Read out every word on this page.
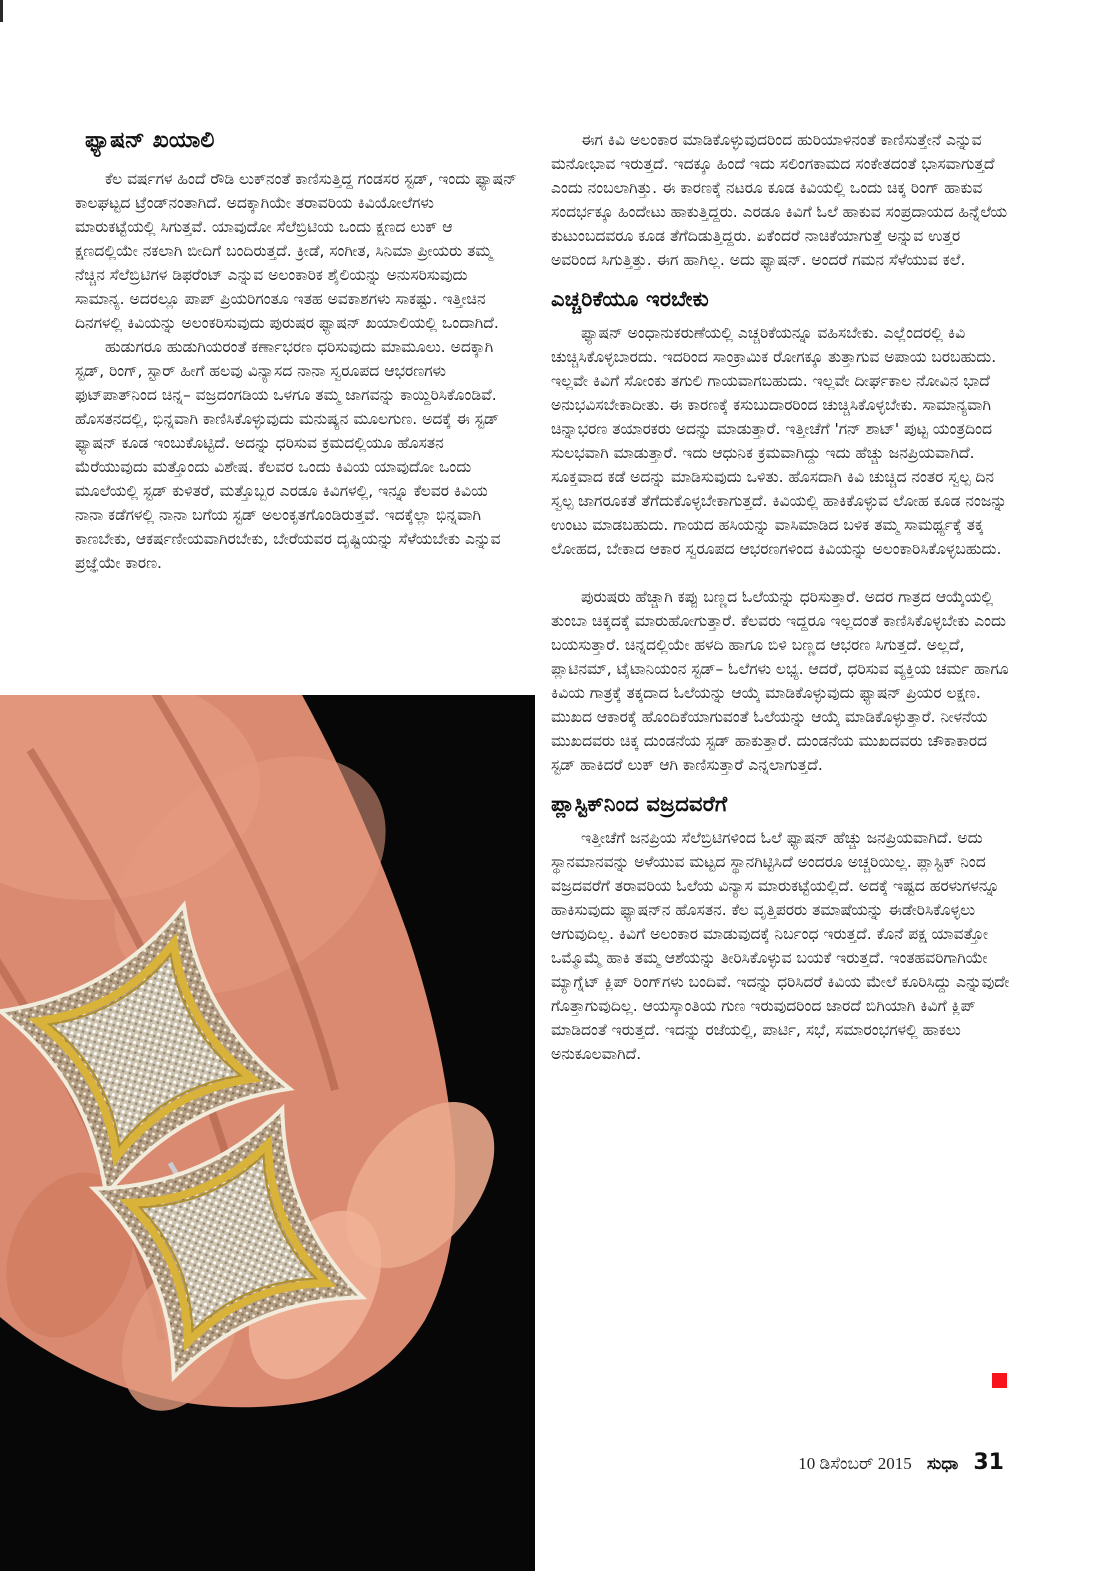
ಫ್ಯಾಷನ್ ಖಯಾಲಿ

ಕೆಲ ವರ್ಷಗಳ ಹಿಂದೆ ರೌಡಿ ಲುಕ್‌ನಂತೆ ಕಾಣಿಸುತ್ತಿದ್ದ ಗಂಡಸರ ಸ್ಟಡ್, ಇಂದು ಫ್ಯಾಷನ್ ಕಾಲಘಟ್ಟದ ಟ್ರೆಂಡ್‌ನಂತಾಗಿದೆ. ಅದಕ್ಕಾಗಿಯೇ ತರಾವರಿಯ ಕಿವಿಯೋಲೆಗಳು ಮಾರುಕಟ್ಟೆಯಲ್ಲಿ ಸಿಗುತ್ತವೆ. ಯಾವುದೋ ಸೆಲೆಬ್ರಿಟಿಯ ಒಂದು ಕ್ಷಣದ ಲುಕ್ ಆ ಕ್ಷಣದಲ್ಲಿಯೇ ನಕಲಾಗಿ ಬೀದಿಗೆ ಬಂದಿರುತ್ತದೆ. ಕ್ರೀಡೆ, ಸಂಗೀತ, ಸಿನಿಮಾ ಪ್ರೀಯರು ತಮ್ಮ ನೆಚ್ಚಿನ ಸೆಲೆಬ್ರಿಟಿಗಳ ಡಿಫರೆಂಟ್ ಎನ್ನುವ ಅಲಂಕಾರಿಕ ಶೈಲಿಯನ್ನು ಅನುಸರಿಸುವುದು ಸಾಮಾನ್ಯ. ಅದರಲ್ಲೂ ಪಾಪ್ ಪ್ರಿಯರಿಗಂತೂ ಇತಹ ಅವಕಾಶಗಳು ಸಾಕಷ್ಟು. ಇತ್ತೀಚಿನ ದಿನಗಳಲ್ಲಿ ಕಿವಿಯನ್ನು ಅಲಂಕರಿಸುವುದು ಪುರುಷರ ಫ್ಯಾಷನ್ ಖಯಾಲಿಯಲ್ಲಿ ಒಂದಾಗಿದೆ.

ಹುಡುಗರೂ ಹುಡುಗಿಯರಂತೆ ಕರ್ಣಾಭರಣ ಧರಿಸುವುದು ಮಾಮೂಲು. ಅದಕ್ಕಾಗಿ ಸ್ಟಡ್, ರಿಂಗ್, ಸ್ಟಾರ್ ಹೀಗೆ ಹಲವು ವಿನ್ಯಾಸದ ನಾನಾ ಸ್ವರೂಪದ ಆಭರಣಗಳು ಫುಟ್‌ಪಾತ್‌ನಿಂದ ಚಿನ್ನ– ವಜ್ರದಂಗಡಿಯ ಒಳಗೂ ತಮ್ಮ ಜಾಗವನ್ನು ಕಾಯ್ದಿರಿಸಿಕೊಂಡಿವೆ. ಹೊಸತನದಲ್ಲಿ, ಭಿನ್ನವಾಗಿ ಕಾಣಿಸಿಕೊಳ್ಳುವುದು ಮನುಷ್ಯನ ಮೂಲಗುಣ. ಅದಕ್ಕೆ ಈ ಸ್ಟಡ್ ಫ್ಯಾಷನ್ ಕೂಡ ಇಂಬುಕೊಟ್ಟಿದೆ. ಅದನ್ನು ಧರಿಸುವ ಕ್ರಮದಲ್ಲಿಯೂ ಹೊಸತನ ಮೆರೆಯುವುದು ಮತ್ತೊಂದು ವಿಶೇಷ. ಕೆಲವರ ಒಂದು ಕಿವಿಯ ಯಾವುದೋ ಒಂದು ಮೂಲೆಯಲ್ಲಿ ಸ್ಟಡ್ ಕುಳಿತರೆ, ಮತ್ತೊಬ್ಬರ ಎರಡೂ ಕಿವಿಗಳಲ್ಲಿ, ಇನ್ನೂ ಕೆಲವರ ಕಿವಿಯ ನಾನಾ ಕಡೆಗಳಲ್ಲಿ ನಾನಾ ಬಗೆಯ ಸ್ಟಡ್ ಅಲಂಕೃತಗೊಂಡಿರುತ್ತವೆ. ಇದಕ್ಕೆಲ್ಲಾ ಭಿನ್ನವಾಗಿ ಕಾಣಬೇಕು, ಆಕರ್ಷಣೀಯವಾಗಿರಬೇಕು, ಬೇರೆಯವರ ದೃಷ್ಟಿಯನ್ನು ಸೆಳೆಯಬೇಕು ಎನ್ನುವ ಪ್ರಜ್ಞೆಯೇ ಕಾರಣ.

ಈಗ ಕಿವಿ ಅಲಂಕಾರ ಮಾಡಿಕೊಳ್ಳುವುದರಿಂದ ಹುರಿಯಾಳಿನಂತೆ ಕಾಣಿಸುತ್ತೇನೆ ಎನ್ನುವ ಮನೋಭಾವ ಇರುತ್ತದೆ. ಇದಕ್ಕೂ ಹಿಂದೆ ಇದು ಸಲಿಂಗಕಾಮದ ಸಂಕೇತದಂತೆ ಭಾಸವಾಗುತ್ತದೆ ಎಂದು ನಂಬಲಾಗಿತ್ತು. ಈ ಕಾರಣಕ್ಕೆ ನಟರೂ ಕೂಡ ಕಿವಿಯಲ್ಲಿ ಒಂದು ಚಿಕ್ಕ ರಿಂಗ್ ಹಾಕುವ ಸಂದರ್ಭಕ್ಕೂ ಹಿಂದೇಟು ಹಾಕುತ್ತಿದ್ದರು. ಎರಡೂ ಕಿವಿಗೆ ಓಲೆ ಹಾಕುವ ಸಂಪ್ರದಾಯದ ಹಿನ್ನೆಲೆಯ ಕುಟುಂಬದವರೂ ಕೂಡ ತೆಗೆದಿಡುತ್ತಿದ್ದರು. ಏಕೆಂದರೆ ನಾಚಿಕೆಯಾಗುತ್ತೆ ಅನ್ನುವ ಉತ್ತರ ಅವರಿಂದ ಸಿಗುತ್ತಿತ್ತು. ಈಗ ಹಾಗಿಲ್ಲ. ಅದು ಫ್ಯಾಷನ್. ಅಂದರೆ ಗಮನ ಸೆಳೆಯುವ ಕಲೆ.

ಎಚ್ಚರಿಕೆಯೂ ಇರಬೇಕು

ಫ್ಯಾಷನ್ ಅಂಧಾನುಕರುಣೆಯಲ್ಲಿ ಎಚ್ಚರಿಕೆಯನ್ನೂ ವಹಿಸಬೇಕು. ಎಲ್ಲೆಂದರಲ್ಲಿ ಕಿವಿ ಚುಚ್ಚಿಸಿಕೊಳ್ಳಬಾರದು. ಇದರಿಂದ ಸಾಂಕ್ರಾಮಿಕ ರೋಗಕ್ಕೂ ತುತ್ತಾಗುವ ಅಪಾಯ ಬರಬಹುದು. ಇಲ್ಲವೇ ಕಿವಿಗೆ ಸೋಂಕು ತಗುಲಿ ಗಾಯವಾಗಬಹುದು. ಇಲ್ಲವೇ ದೀರ್ಘಕಾಲ ನೋವಿನ ಭಾದೆ ಅನುಭವಿಸಬೇಕಾದೀತು. ಈ ಕಾರಣಕ್ಕೆ ಕಸುಬುದಾರರಿಂದ ಚುಚ್ಚಿಸಿಕೊಳ್ಳಬೇಕು. ಸಾಮಾನ್ಯವಾಗಿ ಚಿನ್ನಾಭರಣ ತಯಾರಕರು ಅದನ್ನು ಮಾಡುತ್ತಾರೆ. ಇತ್ತೀಚೆಗೆ 'ಗನ್ ಶಾಟ್' ಪುಟ್ಟ ಯಂತ್ರದಿಂದ ಸುಲಭವಾಗಿ ಮಾಡುತ್ತಾರೆ. ಇದು ಆಧುನಿಕ ಕ್ರಮವಾಗಿದ್ದು ಇದು ಹೆಚ್ಚು ಜನಪ್ರಿಯವಾಗಿದೆ. ಸೂಕ್ತವಾದ ಕಡೆ ಅದನ್ನು ಮಾಡಿಸುವುದು ಒಳಿತು. ಹೊಸದಾಗಿ ಕಿವಿ ಚುಚ್ಚಿದ ನಂತರ ಸ್ವಲ್ಪ ದಿನ ಸ್ವಲ್ಪ ಜಾಗರೂಕತೆ ತೆಗೆದುಕೊಳ್ಳಬೇಕಾಗುತ್ತದೆ. ಕಿವಿಯಲ್ಲಿ ಹಾಕಿಕೊಳ್ಳುವ ಲೋಹ ಕೂಡ ನಂಜನ್ನು ಉಂಟು ಮಾಡಬಹುದು. ಗಾಯದ ಹಸಿಯನ್ನು ವಾಸಿಮಾಡಿದ ಬಳಿಕ ತಮ್ಮ ಸಾಮರ್ಥ್ಯಕ್ಕೆ ತಕ್ಕ ಲೋಹದ, ಬೇಕಾದ ಆಕಾರ ಸ್ವರೂಪದ ಆಭರಣಗಳಿಂದ ಕಿವಿಯನ್ನು ಅಲಂಕಾರಿಸಿಕೊಳ್ಳಬಹುದು.

ಪುರುಷರು ಹೆಚ್ಚಾಗಿ ಕಪ್ಪು ಬಣ್ಣದ ಓಲೆಯನ್ನು ಧರಿಸುತ್ತಾರೆ. ಅದರ ಗಾತ್ರದ ಆಯ್ಕೆಯಲ್ಲಿ ತುಂಬಾ ಚಿಕ್ಕದಕ್ಕೆ ಮಾರುಹೋಗುತ್ತಾರೆ. ಕೆಲವರು ಇದ್ದರೂ ಇಲ್ಲದಂತೆ ಕಾಣಿಸಿಕೊಳ್ಳಬೇಕು ಎಂದು ಬಯಸುತ್ತಾರೆ. ಚಿನ್ನದಲ್ಲಿಯೇ ಹಳದಿ ಹಾಗೂ ಬಿಳಿ ಬಣ್ಣದ ಆಭರಣ ಸಿಗುತ್ತದೆ. ಅಲ್ಲದೆ, ಪ್ಲಾಟಿನಮ್, ಟೈಟಾನಿಯಂನ ಸ್ಟಡ್– ಓಲೆಗಳು ಲಭ್ಯ. ಆದರೆ, ಧರಿಸುವ ವ್ಯಕ್ತಿಯ ಚರ್ಮ ಹಾಗೂ ಕಿವಿಯ ಗಾತ್ರಕ್ಕೆ ತಕ್ಕದಾದ ಓಲೆಯನ್ನು ಆಯ್ಕೆ ಮಾಡಿಕೊಳ್ಳುವುದು ಫ್ಯಾಷನ್ ಪ್ರಿಯರ ಲಕ್ಷಣ. ಮುಖದ ಆಕಾರಕ್ಕೆ ಹೊಂದಿಕೆಯಾಗುವಂತೆ ಓಲೆಯನ್ನು ಆಯ್ಕೆ ಮಾಡಿಕೊಳ್ಳುತ್ತಾರೆ. ನೀಳನೆಯ ಮುಖದವರು ಚಿಕ್ಕ ದುಂಡನೆಯ ಸ್ಟಡ್ ಹಾಕುತ್ತಾರೆ. ದುಂಡನೆಯ ಮುಖದವರು ಚೌಕಾಕಾರದ ಸ್ಟಡ್ ಹಾಕಿದರೆ ಲುಕ್ ಆಗಿ ಕಾಣಿಸುತ್ತಾರೆ ಎನ್ನಲಾಗುತ್ತದೆ.

ಪ್ಲಾಸ್ಟಿಕ್‌ನಿಂದ ವಜ್ರದವರೆಗೆ

ಇತ್ತೀಚೆಗೆ ಜನಪ್ರಿಯ ಸೆಲೆಬ್ರಿಟಿಗಳಿಂದ ಓಲೆ ಫ್ಯಾಷನ್ ಹೆಚ್ಚು ಜನಪ್ರಿಯವಾಗಿದೆ. ಅದು ಸ್ಥಾನಮಾನವನ್ನು ಅಳೆಯುವ ಮಟ್ಟದ ಸ್ಥಾನಗಿಟ್ಟಿಸಿದೆ ಅಂದರೂ ಅಚ್ಚರಿಯಿಲ್ಲ. ಪ್ಲಾಸ್ಟಿಕ್ ನಿಂದ ವಜ್ರದವರೆಗೆ ತರಾವರಿಯ ಓಲೆಯ ವಿನ್ಯಾಸ ಮಾರುಕಟ್ಟೆಯಲ್ಲಿದೆ. ಅದಕ್ಕೆ ಇಷ್ಟದ ಹರಳುಗಳನ್ನೂ ಹಾಕಿಸುವುದು ಫ್ಯಾಷನ್‌ನ ಹೊಸತನ. ಕೆಲ ವೃತ್ತಿಪರರು ತಮಾಷೆಯನ್ನು ಈಡೇರಿಸಿಕೊಳ್ಳಲು ಆಗುವುದಿಲ್ಲ. ಕಿವಿಗೆ ಅಲಂಕಾರ ಮಾಡುವುದಕ್ಕೆ ನಿರ್ಬಂಧ ಇರುತ್ತದೆ. ಕೊನೆ ಪಕ್ಷ ಯಾವತ್ತೋ ಒಮ್ಮೊಮ್ಮೆ ಹಾಕಿ ತಮ್ಮ ಆಶೆಯನ್ನು ತೀರಿಸಿಕೊಳ್ಳುವ ಬಯಕೆ ಇರುತ್ತದೆ. ಇಂತಹವರಿಗಾಗಿಯೇ ಮ್ಯಾಗ್ನೆಟ್ ಕ್ಲಿಪ್ ರಿಂಗ್‌ಗಳು ಬಂದಿವೆ. ಇದನ್ನು ಧರಿಸಿದರೆ ಕಿವಿಯ ಮೇಲೆ ಕೂರಿಸಿದ್ದು ಎನ್ನುವುದೇ ಗೊತ್ತಾಗುವುದಿಲ್ಲ. ಆಯಸ್ಕಾಂತಿಯ ಗುಣ ಇರುವುದರಿಂದ ಜಾರದೆ ಬಿಗಿಯಾಗಿ ಕಿವಿಗೆ ಕ್ಲಿಪ್ ಮಾಡಿದಂತೆ ಇರುತ್ತದೆ. ಇದನ್ನು ರಜೆಯಲ್ಲಿ, ಪಾರ್ಟಿ, ಸಭೆ, ಸಮಾರಂಭಗಳಲ್ಲಿ ಹಾಕಲು ಅನುಕೂಲವಾಗಿದೆ.

10 ಡಿಸೆಂಬರ್ 2015 ಸುಧಾ 31
